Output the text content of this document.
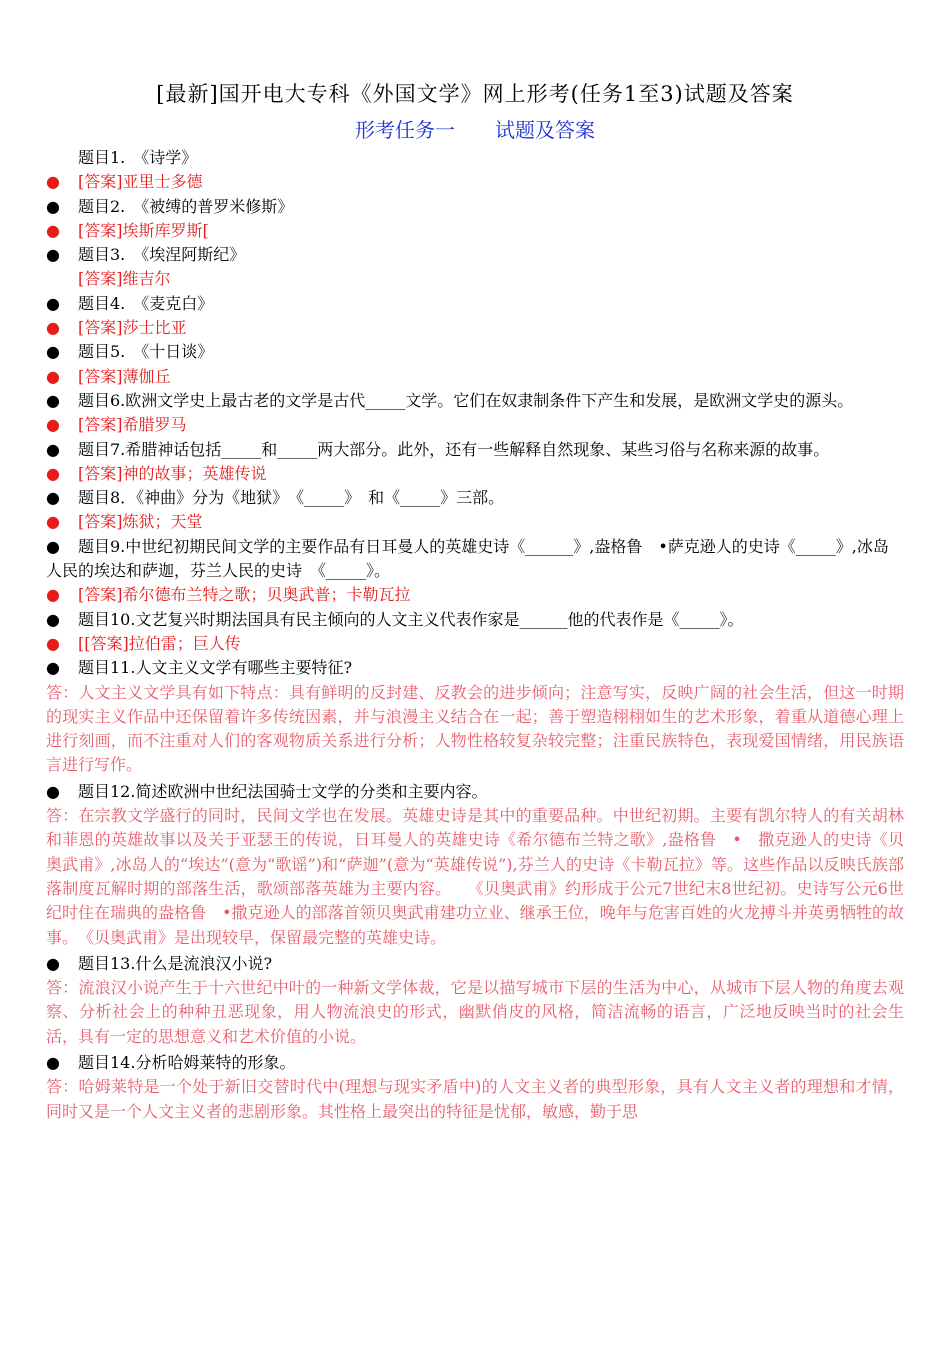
[最新]国开电大专科《外国文学》网上形考(任务1至3)试题及答案
形考任务一　　试题及答案
题目1.　《诗学》
● [答案]亚里士多德
● 题目2.　《被缚的普罗米修斯》
● [答案]埃斯库罗斯[
● 题目3.　《埃涅阿斯纪》
[答案]维吉尔
● 题目4.　《麦克白》
● [答案]莎士比亚
● 题目5.　《十日谈》
● [答案]薄伽丘
● 题目6.欧洲文学史上最古老的文学是古代_____文学。它们在奴隶制条件下产生和发展，是欧洲文学史的源头。
● [答案]希腊罗马
● 题目7.希腊神话包括_____和_____两大部分。此外，还有一些解释自然现象、某些习俗与名称来源的故事。
● [答案]神的故事；英雄传说
● 题目8．《神曲》分为《地狱》　《_____》　和《_____》三部。
● [答案]炼狱；天堂
● 题目9.中世纪初期民间文学的主要作品有日耳曼人的英雄史诗《______》,盎格鲁　•萨克逊人的史诗《_____》,冰岛人民的埃达和萨迦，芬兰人民的史诗　《_____》。
● [答案]希尔德布兰特之歌；贝奥武普；卡勒瓦拉
● 题目10.文艺复兴时期法国具有民主倾向的人文主义代表作家是______他的代表作是《_____》。
● [[答案]拉伯雷；巨人传
● 题目11.人文主义文学有哪些主要特征?
答：人文主义文学具有如下特点：具有鲜明的反封建、反教会的进步倾向；注意写实，反映广阔的社会生活，但这一时期的现实主义作品中还保留着许多传统因素，并与浪漫主义结合在一起；善于塑造栩栩如生的艺术形象，着重从道德心理上进行刻画，而不注重对人们的客观物质关系进行分析；人物性格较复杂较完整；注重民族特色，表现爱国情绪，用民族语言进行写作。
● 题目12.简述欧洲中世纪法国骑士文学的分类和主要内容。
答：在宗教文学盛行的同时，民间文学也在发展。英雄史诗是其中的重要品种。中世纪初期。主要有凯尔特人的有关胡林和菲恩的英雄故事以及关于亚瑟王的传说，日耳曼人的英雄史诗《希尔德布兰特之歌》,盎格鲁　•　撒克逊人的史诗《贝奥武甫》,冰岛人的“埃达”(意为“歌谣”)和“萨迦”(意为“英雄传说”),芬兰人的史诗《卡勒瓦拉》等。这些作品以反映氏族部落制度瓦解时期的部落生活，歌颂部落英雄为主要内容。　　《贝奥武甫》约形成于公元7世纪末8世纪初。史诗写公元6世纪时住在瑞典的盎格鲁　•撒克逊人的部落首领贝奥武甫建功立业、继承王位，晚年与危害百姓的火龙搏斗并英勇牺牲的故事。　《贝奥武甫》是出现较早，保留最完整的英雄史诗。
● 题目13.什么是流浪汉小说?
答：流浪汉小说产生于十六世纪中叶的一种新文学体裁，它是以描写城市下层的生活为中心，从城市下层人物的角度去观察、分析社会上的种种丑恶现象，用人物流浪史的形式，幽默俏皮的风格，简洁流畅的语言，广泛地反映当时的社会生活，具有一定的思想意义和艺术价值的小说。
● 题目14.分析哈姆莱特的形象。
答：哈姆莱特是一个处于新旧交替时代中(理想与现实矛盾中)的人文主义者的典型形象，具有人文主义者的理想和才情，同时又是一个人文主义者的悲剧形象。其性格上最突出的特征是忧郁，敏感，勤于思
